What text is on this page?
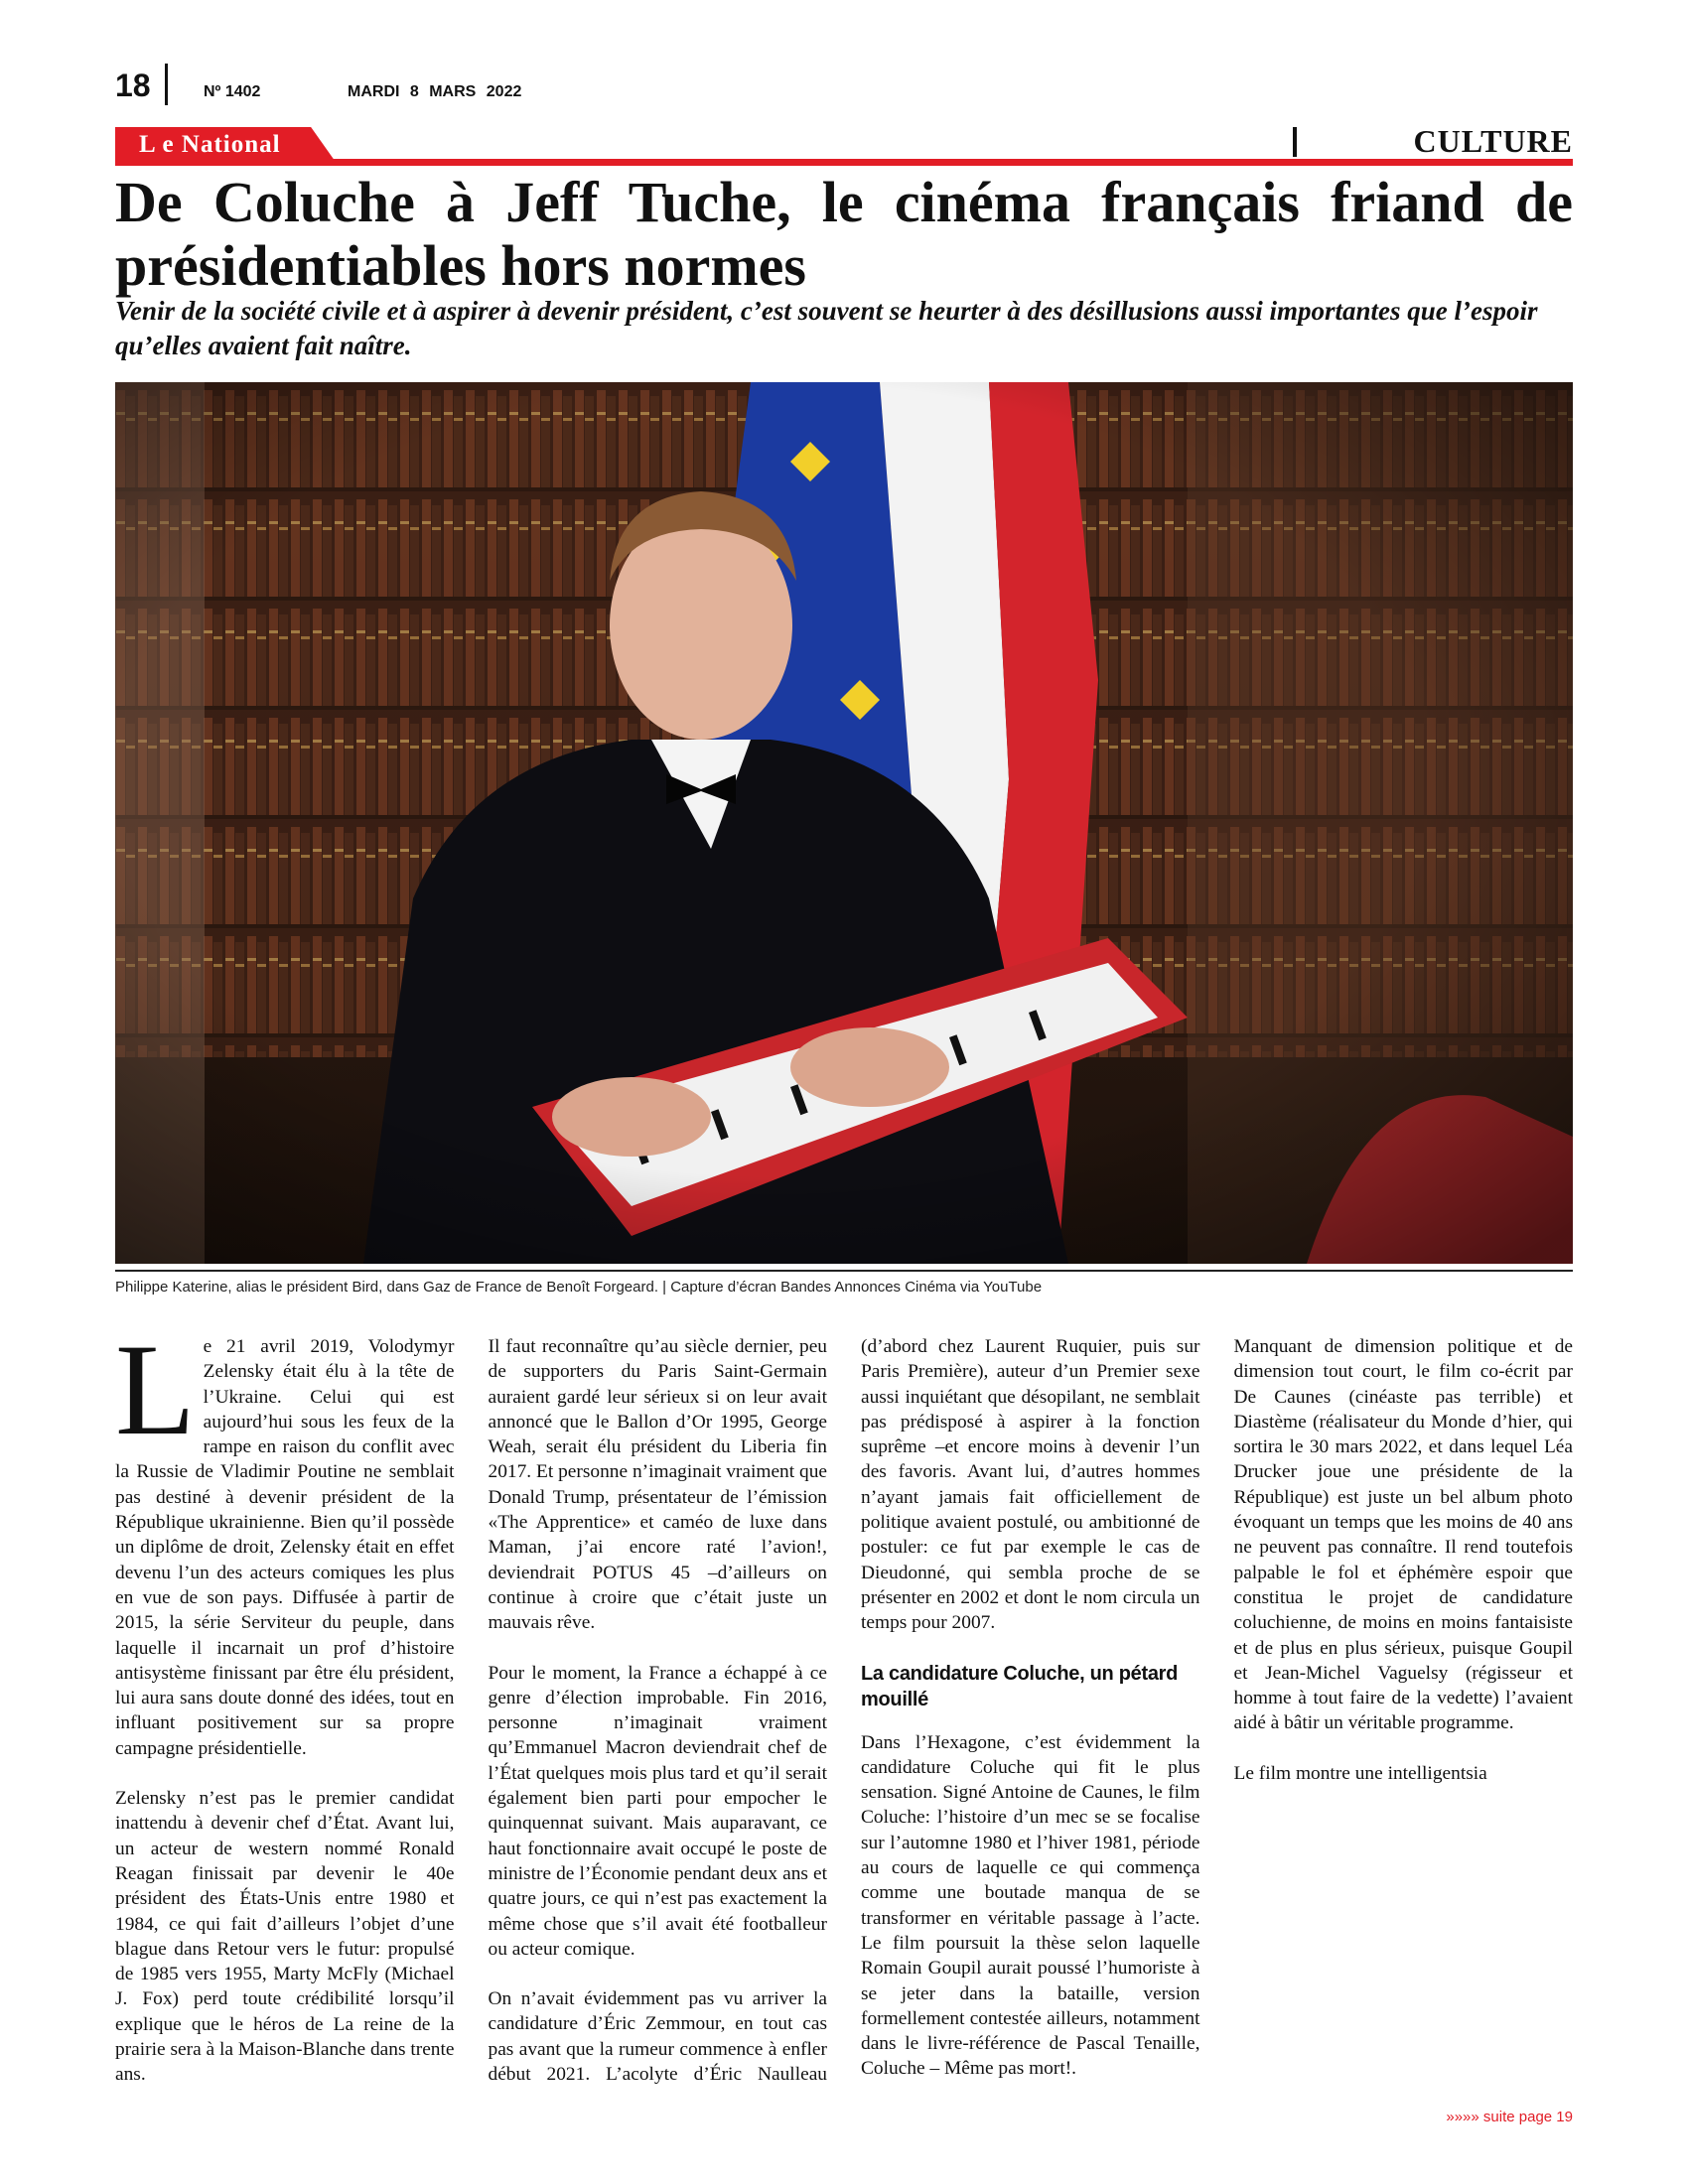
18	Nº 1402	MARDI 8 MARS 2022
L e National	CULTURE
De Coluche à Jeff Tuche, le cinéma français friand de présidentiables hors normes

Venir de la société civile et à aspirer à devenir président, c’est souvent se heurter à des désillusions aussi importantes que l’espoir qu’elles avaient fait naître.

Philippe Katerine, alias le président Bird, dans Gaz de France de Benoît Forgeard. | Capture d’écran Bandes Annonces Cinéma via YouTube

Le 21 avril 2019, Volodymyr Zelensky était élu à la tête de l’Ukraine. Celui qui est aujourd’hui sous les feux de la rampe en raison du conflit avec la Russie de Vladimir Poutine ne semblait pas destiné à devenir président de la République ukrainienne. Bien qu’il possède un diplôme de droit, Zelensky était en effet devenu l’un des acteurs comiques les plus en vue de son pays. Diffusée à partir de 2015, la série Serviteur du peuple, dans laquelle il incarnait un prof d’histoire antisystème finissant par être élu président, lui aura sans doute donné des idées, tout en influant positivement sur sa propre campagne présidentielle.

Zelensky n’est pas le premier candidat inattendu à devenir chef d’État. Avant lui, un acteur de western nommé Ronald Reagan finissait par devenir le 40e président des États-Unis entre 1980 et 1984, ce qui fait d’ailleurs l’objet d’une blague dans Retour vers le futur: propulsé de 1985 vers 1955, Marty McFly (Michael J. Fox) perd toute crédibilité lorsqu’il explique que le héros de La reine de la prairie sera à la Maison-Blanche dans trente ans.

Il faut reconnaître qu’au siècle dernier, peu de supporters du Paris Saint-Germain auraient gardé leur sérieux si on leur avait annoncé que le Ballon d’Or 1995, George Weah, serait élu président du Liberia fin 2017. Et personne n’imaginait vraiment que Donald Trump, présentateur de l’émission «The Apprentice» et caméo de luxe dans Maman, j’ai encore raté l’avion!, deviendrait POTUS 45 –d’ailleurs on continue à croire que c’était juste un mauvais rêve.

Pour le moment, la France a échappé à ce genre d’élection improbable. Fin 2016, personne n’imaginait vraiment qu’Emmanuel Macron deviendrait chef de l’État quelques mois plus tard et qu’il serait également bien parti pour empocher le quinquennat suivant. Mais auparavant, ce haut fonctionnaire avait occupé le poste de ministre de l’Économie pendant deux ans et quatre jours, ce qui n’est pas exactement la même chose que s’il avait été footballeur ou acteur comique.

On n’avait évidemment pas vu arriver la candidature d’Éric Zemmour, en tout cas pas avant que la rumeur commence à enfler début 2021. L’acolyte d’Éric Naulleau (d’abord chez Laurent Ruquier, puis sur Paris Première), auteur d’un Premier sexe aussi inquiétant que désopilant, ne semblait pas prédisposé à aspirer à la fonction suprême –et encore moins à devenir l’un des favoris. Avant lui, d’autres hommes n’ayant jamais fait officiellement de politique avaient postulé, ou ambitionné de postuler: ce fut par exemple le cas de Dieudonné, qui sembla proche de se présenter en 2002 et dont le nom circula un temps pour 2007.

La candidature Coluche, un pétard mouillé

Dans l’Hexagone, c’est évidemment la candidature Coluche qui fit le plus sensation. Signé Antoine de Caunes, le film Coluche: l’histoire d’un mec se se focalise sur l’automne 1980 et l’hiver 1981, période au cours de laquelle ce qui commença comme une boutade manqua de se transformer en véritable passage à l’acte. Le film poursuit la thèse selon laquelle Romain Goupil aurait poussé l’humoriste à se jeter dans la bataille, version formellement contestée ailleurs, notamment dans le livre-référence de Pascal Tenaille, Coluche – Même pas mort!.

Manquant de dimension politique et de dimension tout court, le film co-écrit par De Caunes (cinéaste pas terrible) et Diastème (réalisateur du Monde d’hier, qui sortira le 30 mars 2022, et dans lequel Léa Drucker joue une présidente de la République) est juste un bel album photo évoquant un temps que les moins de 40 ans ne peuvent pas connaître. Il rend toutefois palpable le fol et éphémère espoir que constitua le projet de candidature coluchienne, de moins en moins fantaisiste et de plus en plus sérieux, puisque Goupil et Jean-Michel Vaguelsy (régisseur et homme à tout faire de la vedette) l’avaient aidé à bâtir un véritable programme.

Le film montre une intelligentsia

»»»» suite page 19
